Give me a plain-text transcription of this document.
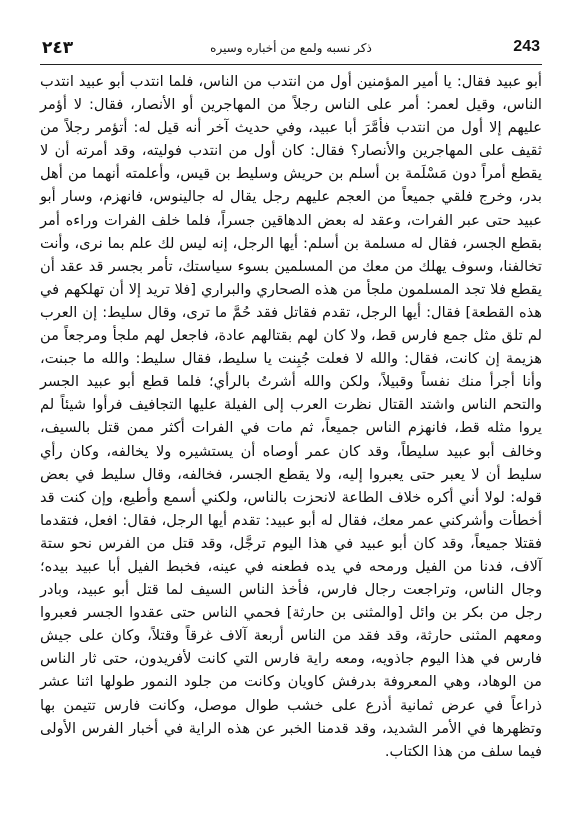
٢٤٣	ذكر نسبه ولمع من أخباره وسيره	243

أبو عبيد فقال: يا أمير المؤمنين أول من انتدب من الناس، فلما انتدب أبو عبيد انتدب الناس، وقيل لعمر: أمر على الناس رجلاً من المهاجرين أو الأنصار، فقال: لا أؤمر عليهم إلا أول من انتدب فأمَّرَ أبا عبيد، وفي حديث آخر أنه قيل له: أتؤمر رجلاً من ثقيف على المهاجرين والأنصار؟ فقال: كان أول من انتدب فوليته، وقد أمرته أن لا يقطع أمراً دون مَسْلَمة بن أسلم بن حريش وسليط بن قيس، وأعلمته أنهما من أهل بدر، وخرج فلقي جميعاً من العجم عليهم رجل يقال له جالينوس، فانهزم، وسار أبو عبيد حتى عبر الفرات، وعقد له بعض الدهاقين جسراً، فلما خلف الفرات وراءه أمر بقطع الجسر، فقال له مسلمة بن أسلم: أيها الرجل، إنه ليس لك علم بما نرى، وأنت تخالفنا، وسوف يهلك من معك من المسلمين بسوء سياستك، تأمر بجسر قد عقد أن يقطع فلا تجد المسلمون ملجأ من هذه الصحاري والبراري [فلا تريد إلا أن تهلكهم في هذه القطعة] فقال: أيها الرجل، تقدم فقاتل فقد حُمَّ ما ترى، وقال سليط: إن العرب لم تلق مثل جمع فارس قط، ولا كان لهم بقتالهم عادة، فاجعل لهم ملجأ ومرجعاً من هزيمة إن كانت، فقال: والله لا فعلت جُبِنت يا سليط، فقال سليط: والله ما جبنت، وأنا أجرأ منك نفساً وقبيلاً، ولكن والله أشرتُ بالرأي؛ فلما قطع أبو عبيد الجسر والتحم الناس واشتد القتال نظرت العرب إلى الفيلة عليها التجافيف فرأوا شيئاً لم يروا مثله قط، فانهزم الناس جميعاً، ثم مات في الفرات أكثر ممن قتل بالسيف، وخالف أبو عبيد سليطاً، وقد كان عمر أوصاه أن يستشيره ولا يخالفه، وكان رأي سليط أن لا يعبر حتى يعبروا إليه، ولا يقطع الجسر، فخالفه، وقال سليط في بعض قوله: لولا أني أكره خلاف الطاعة لانحزت بالناس، ولكني أسمع وأطيع، وإن كنت قد أخطأت وأشركني عمر معك، فقال له أبو عبيد: تقدم أيها الرجل، فقال: افعل، فتقدما فقتلا جميعاً، وقد كان أبو عبيد في هذا اليوم ترجَّل، وقد قتل من الفرس نحو ستة آلاف، فدنا من الفيل ورمحه في يده فطعنه في عينه، فخبط الفيل أبا عبيد بيده؛ وجال الناس، وتراجعت رجال فارس، فأخذ الناس السيف لما قتل أبو عبيد، وبادر رجل من بكر بن وائل [والمثنى بن حارثة] فحمي الناس حتى عقدوا الجسر فعبروا ومعهم المثنى حارثة، وقد فقد من الناس أربعة آلاف غرقاً وقتلاً، وكان على جيش فارس في هذا اليوم جاذويه، ومعه راية فارس التي كانت لأفريدون، حتى ثار الناس من الوهاد، وهي المعروفة بدرفش كاويان وكانت من جلود النمور طولها اثنا عشر ذراعاً في عرض ثمانية أذرع على خشب طوال موصل، وكانت فارس تتيمن بها وتظهرها في الأمر الشديد، وقد قدمنا الخبر عن هذه الراية في أخبار الفرس الأولى فيما سلف من هذا الكتاب.
